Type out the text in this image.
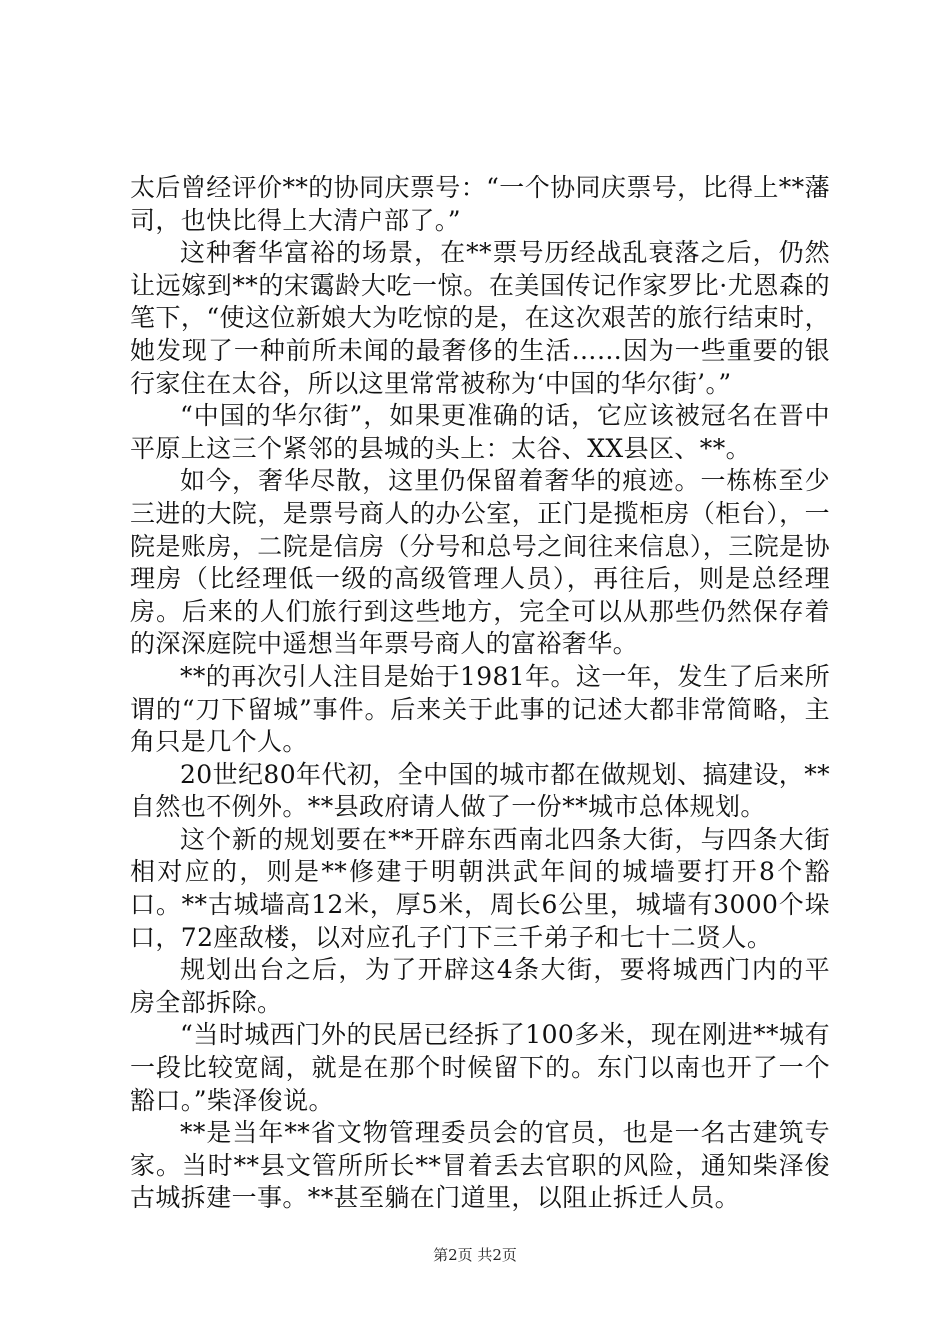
太后曾经评价**的协同庆票号：“一个协同庆票号，比得上**藩司，也快比得上大清户部了。”

这种奢华富裕的场景，在**票号历经战乱衰落之后，仍然让远嫁到**的宋霭龄大吃一惊。在美国传记作家罗比·尤恩森的笔下，“使这位新娘大为吃惊的是，在这次艰苦的旅行结束时，她发现了一种前所未闻的最奢侈的生活……因为一些重要的银行家住在太谷，所以这里常常被称为‘中国的华尔街’。”

“中国的华尔街”，如果更准确的话，它应该被冠名在晋中平原上这三个紧邻的县城的头上：太谷、XX县区、**。

如今，奢华尽散，这里仍保留着奢华的痕迹。一栋栋至少三进的大院，是票号商人的办公室，正门是揽柜房（柜台），一院是账房，二院是信房（分号和总号之间往来信息），三院是协理房（比经理低一级的高级管理人员），再往后，则是总经理房。后来的人们旅行到这些地方，完全可以从那些仍然保存着的深深庭院中遥想当年票号商人的富裕奢华。

**的再次引人注目是始于1981年。这一年，发生了后来所谓的“刀下留城”事件。后来关于此事的记述大都非常简略，主角只是几个人。

20世纪80年代初，全中国的城市都在做规划、搞建设，**自然也不例外。**县政府请人做了一份**城市总体规划。

这个新的规划要在**开辟东西南北四条大街，与四条大街相对应的，则是**修建于明朝洪武年间的城墙要打开8个豁口。**古城墙高12米，厚5米，周长6公里，城墙有3000个垛口，72座敌楼，以对应孔子门下三千弟子和七十二贤人。

规划出台之后，为了开辟这4条大街，要将城西门内的平房全部拆除。

“当时城西门外的民居已经拆了100多米，现在刚进**城有一段比较宽阔，就是在那个时候留下的。东门以南也开了一个豁口。”柴泽俊说。

**是当年**省文物管理委员会的官员，也是一名古建筑专家。当时**县文管所所长**冒着丢去官职的风险，通知柴泽俊古城拆建一事。**甚至躺在门道里，以阻止拆迁人员。

第2页 共2页
